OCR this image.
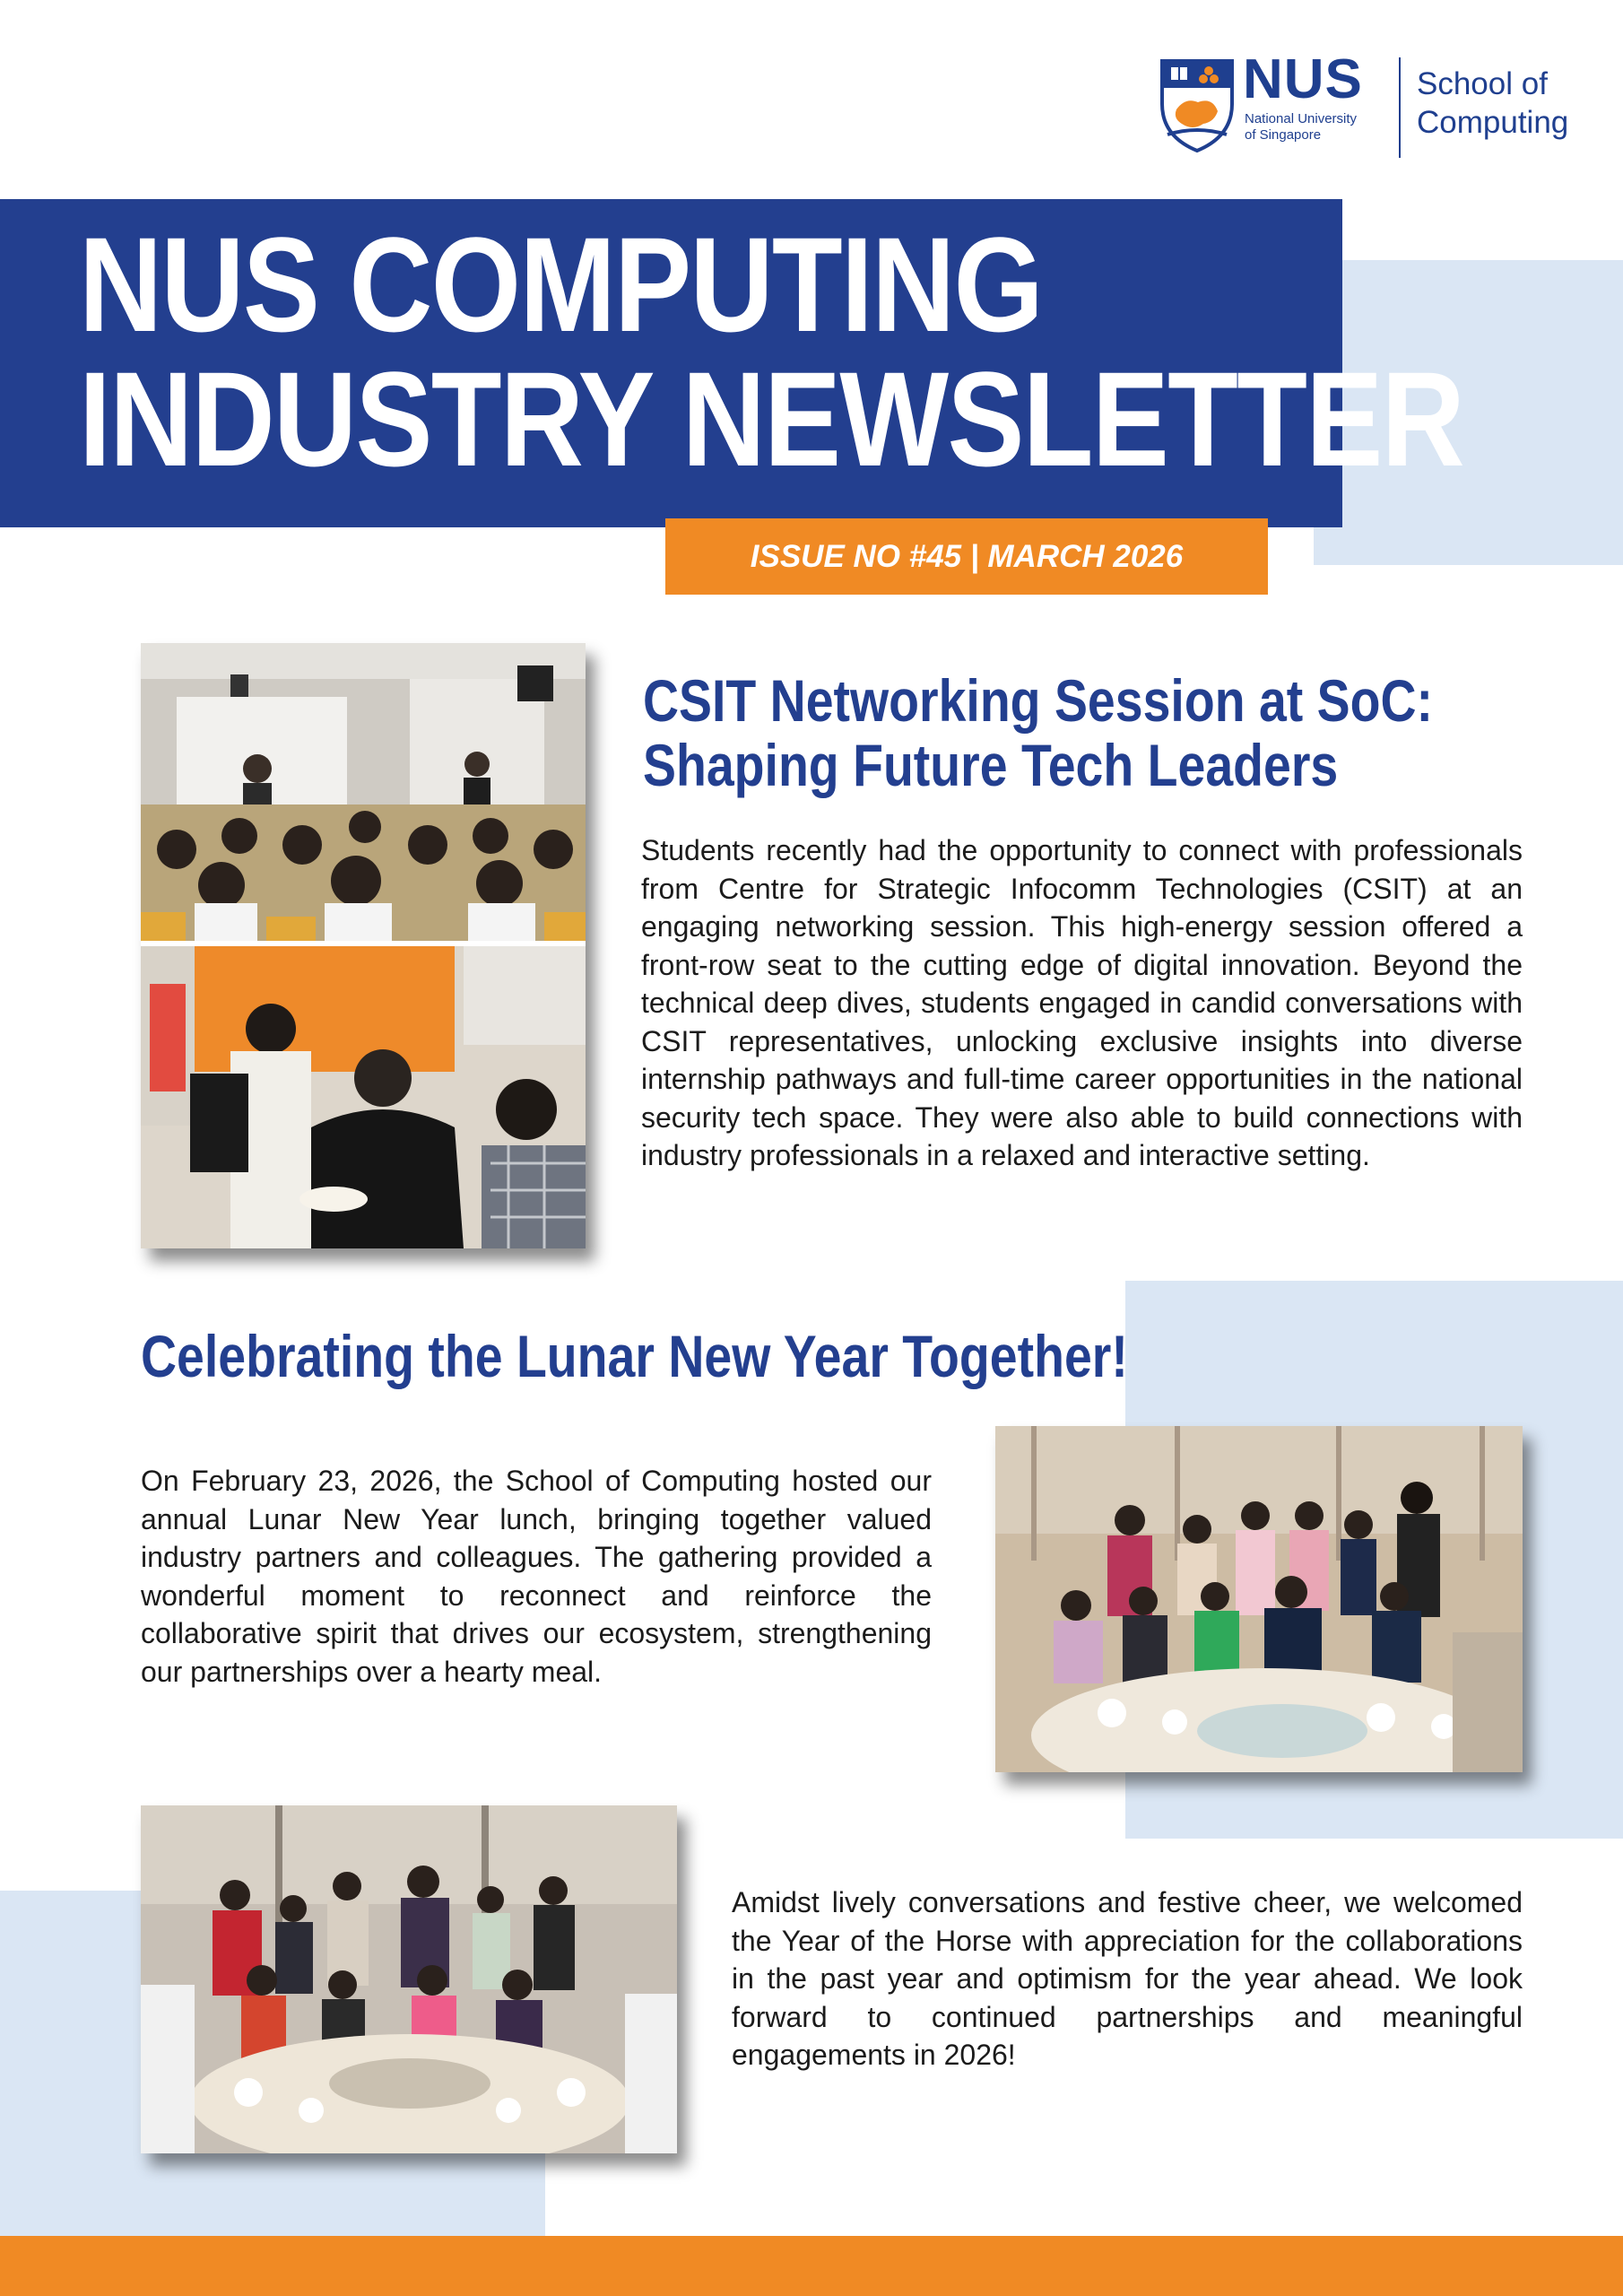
NUS
National University
of Singapore
School of
Computing
NUS COMPUTING
INDUSTRY NEWSLETTER
ISSUE NO #45 | MARCH 2026
CSIT Networking Session at SoC:
Shaping Future Tech Leaders
Students recently had the opportunity to connect with professionals from Centre for Strategic Infocomm Technologies (CSIT) at an engaging networking session. This high-energy session offered a front-row seat to the cutting edge of digital innovation. Beyond the technical deep dives, students engaged in candid conversations with CSIT representatives, unlocking exclusive insights into diverse internship pathways and full-time career opportunities in the national security tech space. They were also able to build connections with industry professionals in a relaxed and interactive setting.
Celebrating the Lunar New Year Together!
On February 23, 2026, the School of Computing hosted our annual Lunar New Year lunch, bringing together valued industry partners and colleagues. The gathering provided a wonderful moment to reconnect and reinforce the collaborative spirit that drives our ecosystem, strengthening our partnerships over a hearty meal.
Amidst lively conversations and festive cheer, we welcomed the Year of the Horse with appreciation for the collaborations in the past year and optimism for the year ahead. We look forward to continued partnerships and meaningful engagements in 2026!
